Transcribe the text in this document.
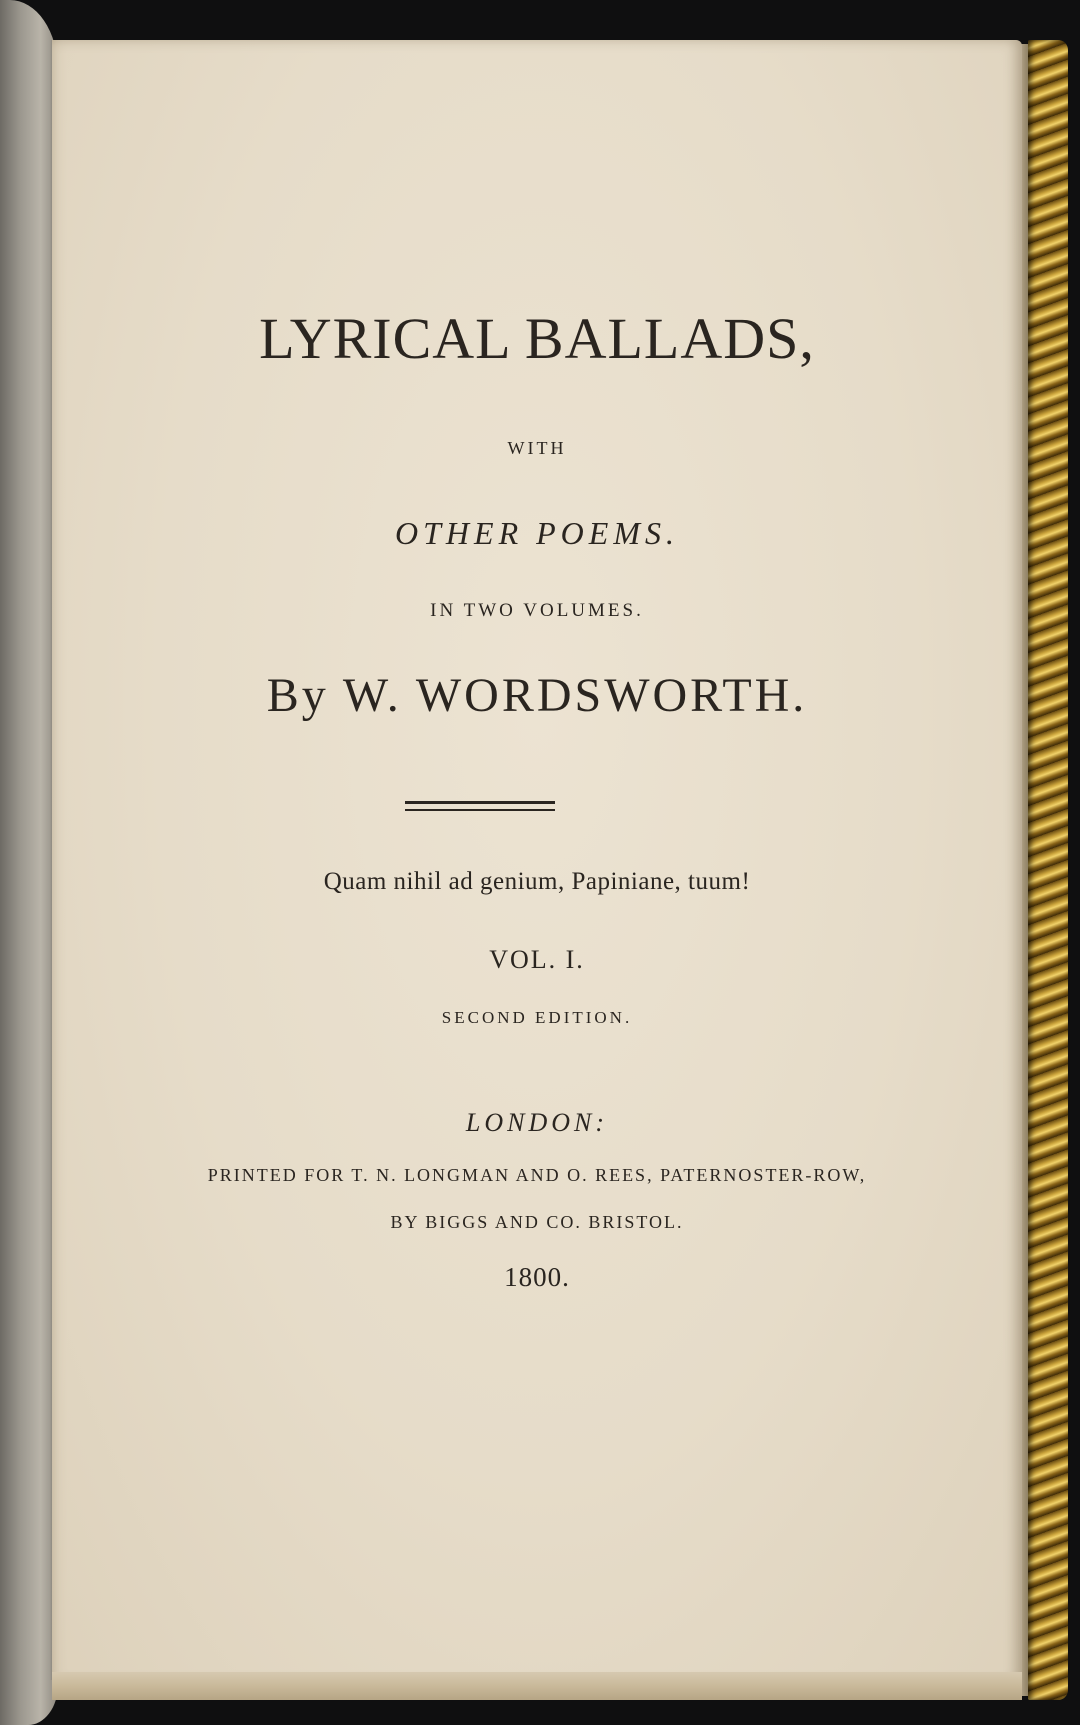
LYRICAL BALLADS,
WITH
OTHER POEMS.
IN TWO VOLUMES.
By W. WORDSWORTH.
Quam nihil ad genium, Papiniane, tuum!
VOL. I.
SECOND EDITION.
LONDON:
PRINTED FOR T. N. LONGMAN AND O. REES, PATERNOSTER-ROW,
BY BIGGS AND CO. BRISTOL.
1800.
